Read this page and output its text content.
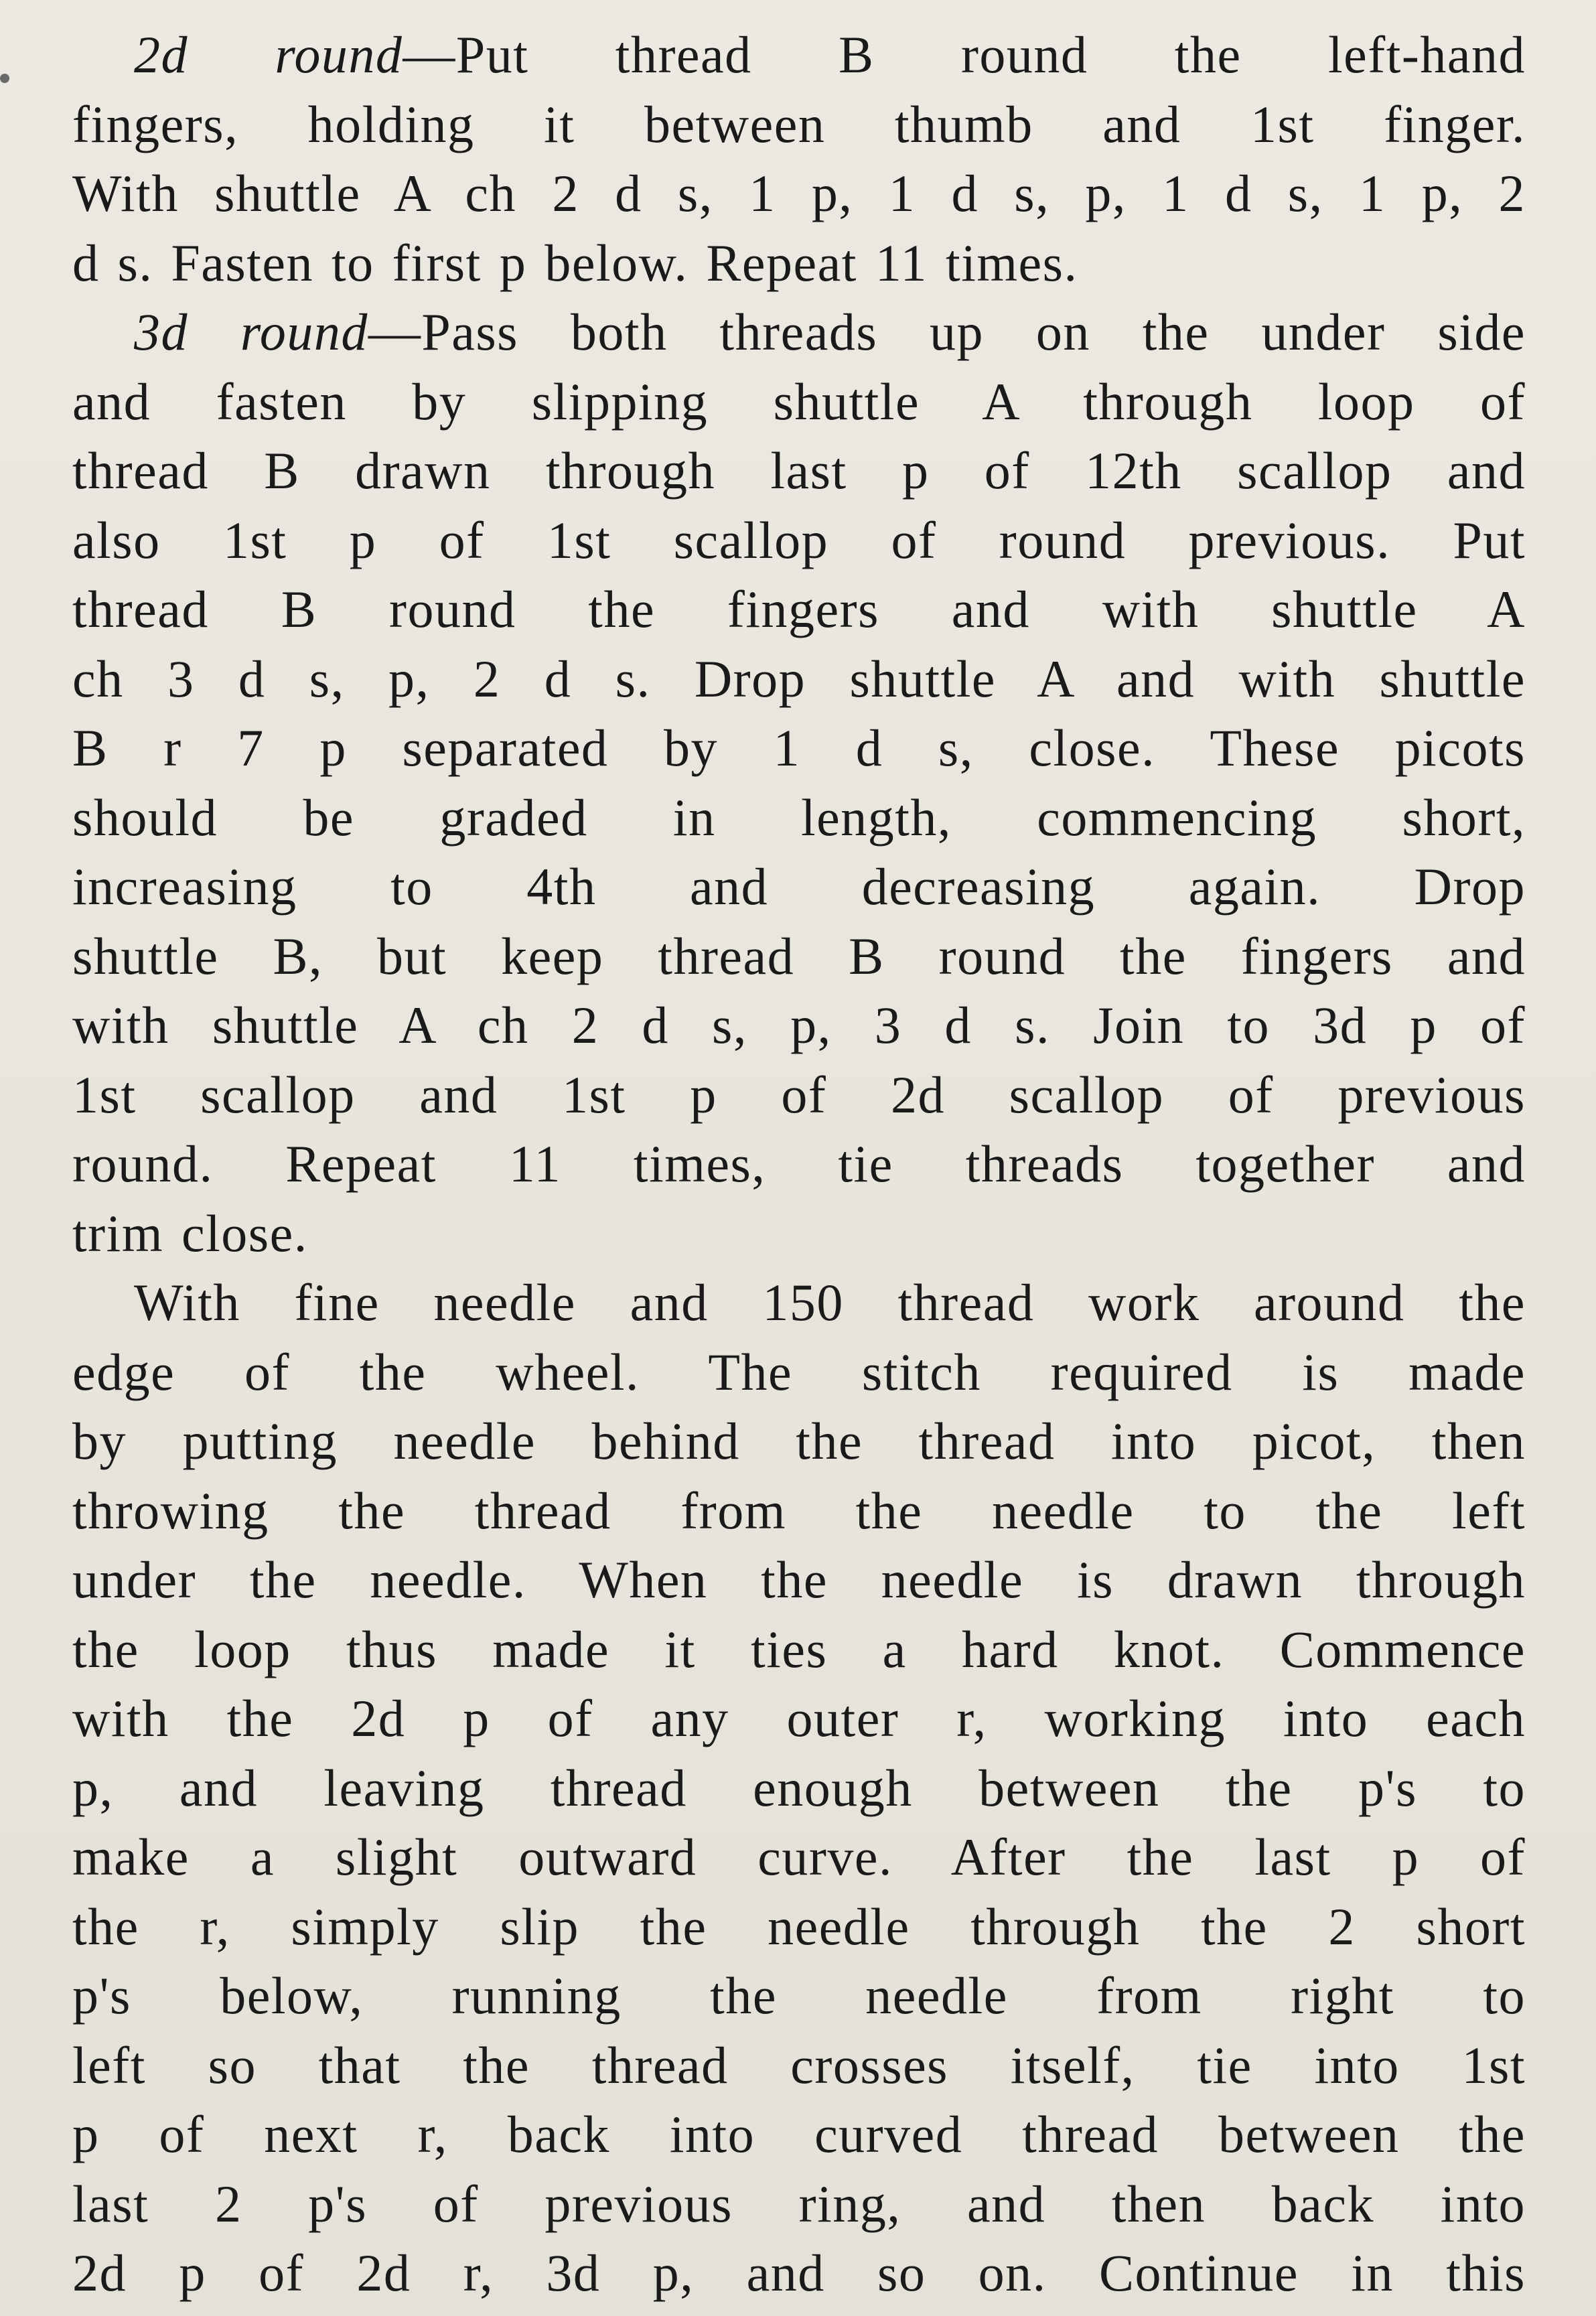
2d round—Put thread B round the left-hand
fingers, holding it between thumb and 1st finger.
With shuttle A ch 2 d s, 1 p, 1 d s, p, 1 d s, 1 p, 2
d s. Fasten to first p below. Repeat 11 times.
3d round—Pass both threads up on the under side
and fasten by slipping shuttle A through loop of
thread B drawn through last p of 12th scallop and
also 1st p of 1st scallop of round previous. Put
thread B round the fingers and with shuttle A
ch 3 d s, p, 2 d s. Drop shuttle A and with shuttle
B r 7 p separated by 1 d s, close. These picots
should be graded in length, commencing short,
increasing to 4th and decreasing again. Drop
shuttle B, but keep thread B round the fingers and
with shuttle A ch 2 d s, p, 3 d s. Join to 3d p of
1st scallop and 1st p of 2d scallop of previous
round. Repeat 11 times, tie threads together and
trim close.
With fine needle and 150 thread work around the
edge of the wheel. The stitch required is made
by putting needle behind the thread into picot, then
throwing the thread from the needle to the left
under the needle. When the needle is drawn through
the loop thus made it ties a hard knot. Commence
with the 2d p of any outer r, working into each
p, and leaving thread enough between the p's to
make a slight outward curve. After the last p of
the r, simply slip the needle through the 2 short
p's below, running the needle from right to
left so that the thread crosses itself, tie into 1st
p of next r, back into curved thread between the
last 2 p's of previous ring, and then back into
2d p of 2d r, 3d p, and so on. Continue in this
